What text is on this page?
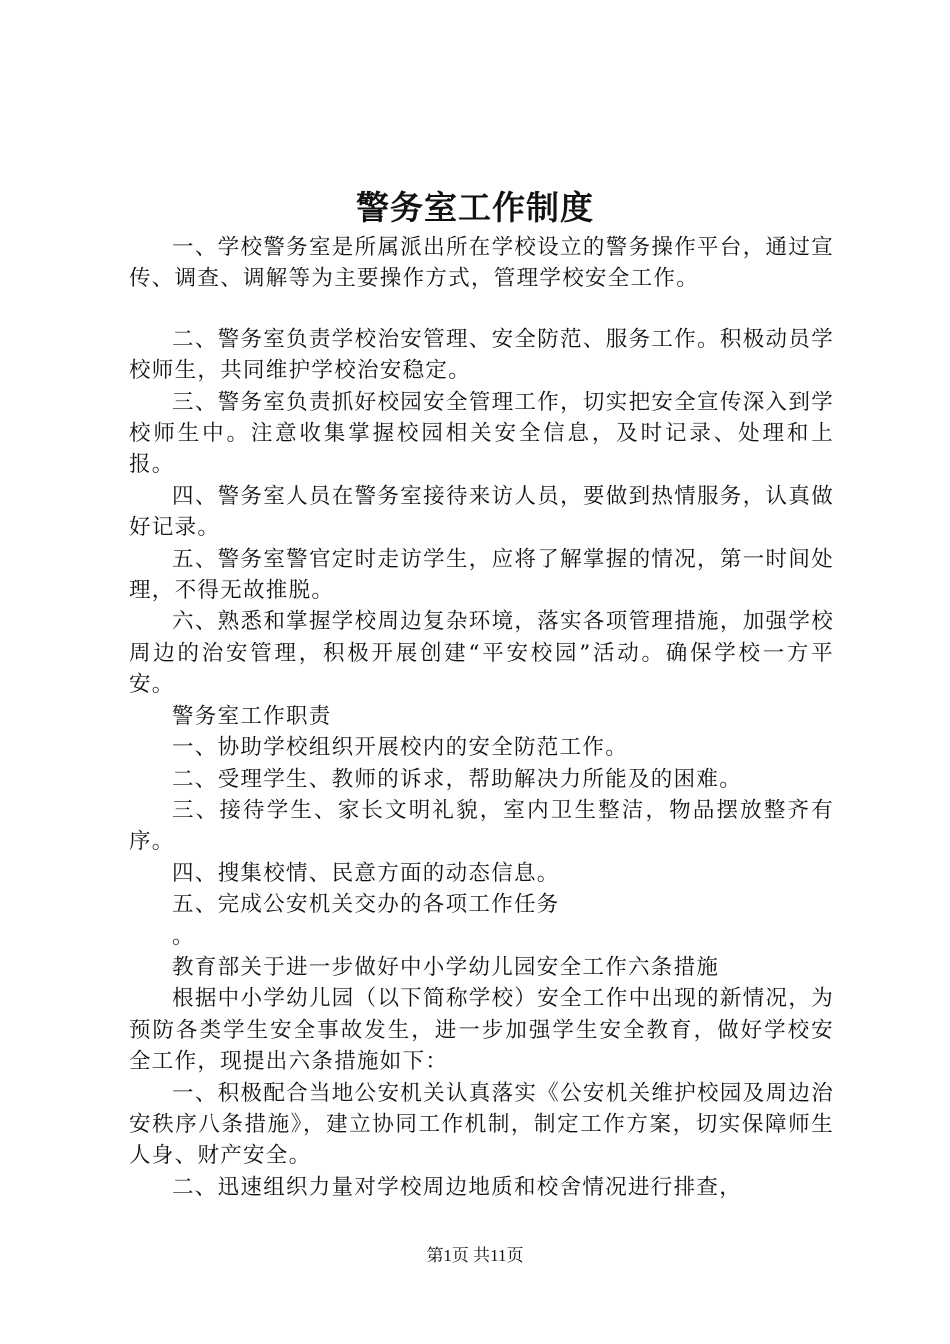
警务室工作制度

一、学校警务室是所属派出所在学校设立的警务操作平台，通过宣传、调查、调解等为主要操作方式，管理学校安全工作。

二、警务室负责学校治安管理、安全防范、服务工作。积极动员学校师生，共同维护学校治安稳定。

三、警务室负责抓好校园安全管理工作，切实把安全宣传深入到学校师生中。注意收集掌握校园相关安全信息，及时记录、处理和上报。

四、警务室人员在警务室接待来访人员，要做到热情服务，认真做好记录。

五、警务室警官定时走访学生，应将了解掌握的情况，第一时间处理，不得无故推脱。

六、熟悉和掌握学校周边复杂环境，落实各项管理措施，加强学校周边的治安管理，积极开展创建“平安校园”活动。确保学校一方平安。

警务室工作职责

一、协助学校组织开展校内的安全防范工作。

二、受理学生、教师的诉求，帮助解决力所能及的困难。

三、接待学生、家长文明礼貌，室内卫生整洁，物品摆放整齐有序。

四、搜集校情、民意方面的动态信息。

五、完成公安机关交办的各项工作任务

。

教育部关于进一步做好中小学幼儿园安全工作六条措施

根据中小学幼儿园（以下简称学校）安全工作中出现的新情况，为预防各类学生安全事故发生，进一步加强学生安全教育，做好学校安全工作，现提出六条措施如下：

一、积极配合当地公安机关认真落实《公安机关维护校园及周边治安秩序八条措施》，建立协同工作机制，制定工作方案，切实保障师生人身、财产安全。

二、迅速组织力量对学校周边地质和校舍情况进行排查，

第1页 共11页
